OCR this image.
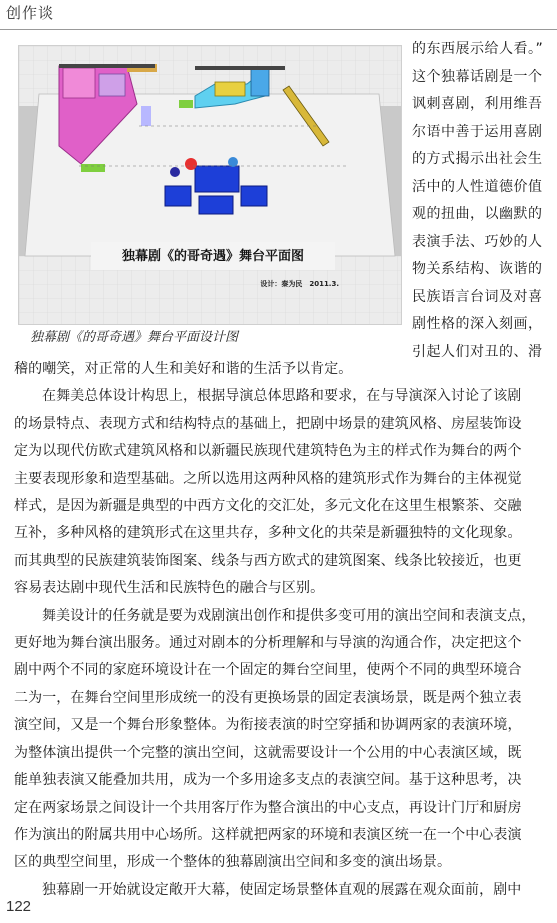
创作谈
独幕剧《的哥奇遇》舞台平面图
设计：秦为民　2011.3.
独幕剧《的哥奇遇》舞台平面设计图
的东西展示给人看。”
这个独幕话剧是一个
讽刺喜剧，利用维吾
尔语中善于运用喜剧
的方式揭示出社会生
活中的人性道德价值
观的扭曲，以幽默的
表演手法、巧妙的人
物关系结构、诙谐的
民族语言台词及对喜
剧性格的深入刻画，
引起人们对丑的、滑
稽的嘲笑，对正常的人生和美好和谐的生活予以肯定。
在舞美总体设计构思上，根据导演总体思路和要求，在与导演深入讨论了该剧
的场景特点、表现方式和结构特点的基础上，把剧中场景的建筑风格、房屋装饰设
定为以现代仿欧式建筑风格和以新疆民族现代建筑特色为主的样式作为舞台的两个
主要表现形象和造型基础。之所以选用这两种风格的建筑形式作为舞台的主体视觉
样式，是因为新疆是典型的中西方文化的交汇处，多元文化在这里生根繁茶、交融
互补，多种风格的建筑形式在这里共存，多种文化的共荣是新疆独特的文化现象。
而其典型的民族建筑装饰图案、线条与西方欧式的建筑图案、线条比较接近，也更
容易表达剧中现代生活和民族特色的融合与区别。
舞美设计的任务就是要为戏剧演出创作和提供多变可用的演出空间和表演支点，
更好地为舞台演出服务。通过对剧本的分析理解和与导演的沟通合作，决定把这个
剧中两个不同的家庭环境设计在一个固定的舞台空间里，使两个不同的典型环境合
二为一，在舞台空间里形成统一的没有更换场景的固定表演场景，既是两个独立表
演空间，又是一个舞台形象整体。为衔接表演的时空穿插和协调两家的表演环境，
为整体演出提供一个完整的演出空间，这就需要设计一个公用的中心表演区域，既
能单独表演又能叠加共用，成为一个多用途多支点的表演空间。基于这种思考，决
定在两家场景之间设计一个共用客厅作为整合演出的中心支点，再设计门厅和厨房
作为演出的附属共用中心场所。这样就把两家的环境和表演区统一在一个中心表演
区的典型空间里，形成一个整体的独幕剧演出空间和多变的演出场景。
独幕剧一开始就设定敞开大幕，使固定场景整体直观的展露在观众面前，剧中
122
